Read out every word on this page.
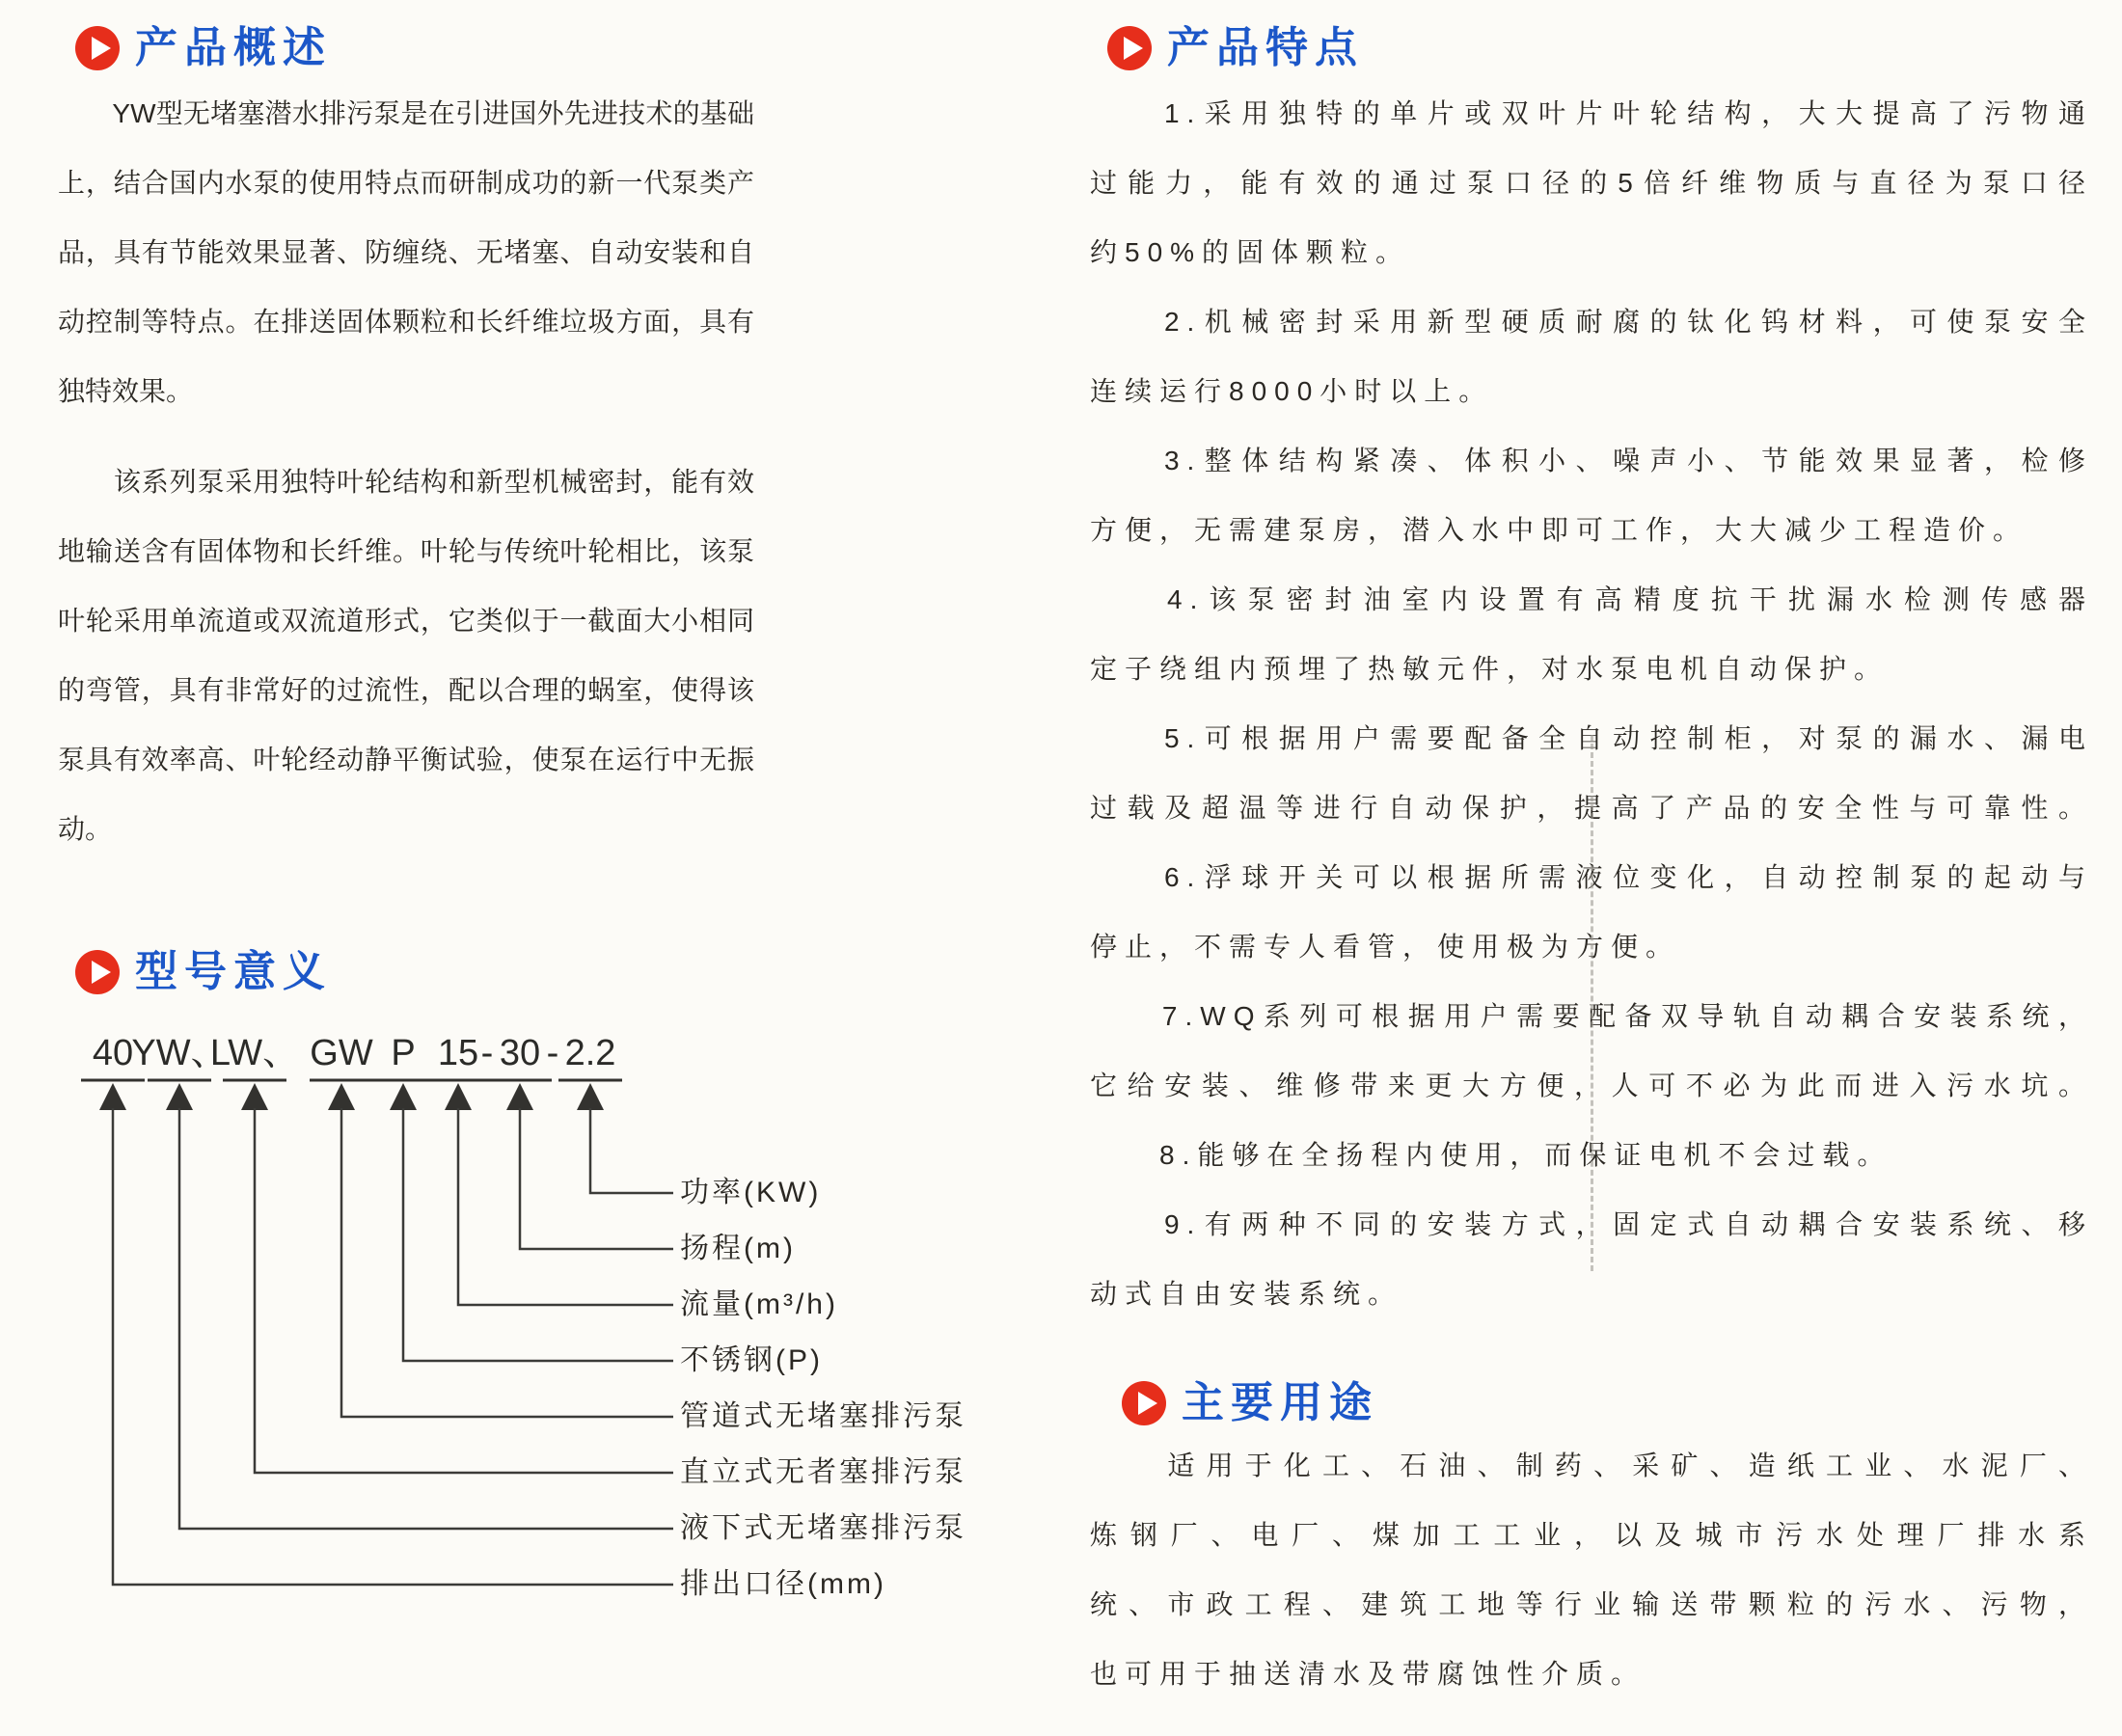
产品概述
　　YW型无堵塞潜水排污泵是在引进国外先进技术的基础
上，结合国内水泵的使用特点而研制成功的新一代泵类产
品，具有节能效果显著、防缠绕、无堵塞、自动安装和自
动控制等特点。在排送固体颗粒和长纤维垃圾方面，具有
独特效果。
　　该系列泵采用独特叶轮结构和新型机械密封，能有效
地输送含有固体物和长纤维。叶轮与传统叶轮相比，该泵
叶轮采用单流道或双流道形式，它类似于一截面大小相同
的弯管，具有非常好的过流性，配以合理的蜗室，使得该
泵具有效率高、叶轮经动静平衡试验，使泵在运行中无振
动。
型号意义
40
YW、
LW、 GW P 15 - 30 - 2.2
功率(KW)
扬程(m)
流量(m³/h)
不锈钢(P)
管道式无堵塞排污泵
直立式无者塞排污泵
液下式无堵塞排污泵
排出口径(mm)
产品特点
　　1.采用独特的单片或双叶片叶轮结构，大大提高了污物通
过能力，能有效的通过泵口径的5倍纤维物质与直径为泵口径
约50%的固体颗粒。
　　2.机械密封采用新型硬质耐腐的钛化钨材料，可使泵安全
连续运行8000小时以上。
　　3.整体结构紧凑、体积小、噪声小、节能效果显著，检修
方便，无需建泵房，潜入水中即可工作，大大减少工程造价。
　　4.该泵密封油室内设置有高精度抗干扰漏水检测传感器
定子绕组内预埋了热敏元件，对水泵电机自动保护。
　　5.可根据用户需要配备全自动控制柜，对泵的漏水、漏电
过载及超温等进行自动保护，提高了产品的安全性与可靠性。
　　6.浮球开关可以根据所需液位变化，自动控制泵的起动与
停止，不需专人看管，使用极为方便。
　　7.WQ系列可根据用户需要配备双导轨自动耦合安装系统，
它给安装、维修带来更大方便，人可不必为此而进入污水坑。
　　8.能够在全扬程内使用，而保证电机不会过载。
　　9.有两种不同的安装方式，固定式自动耦合安装系统、移
动式自由安装系统。
主要用途
　　适用于化工、石油、制药、采矿、造纸工业、水泥厂、
炼钢厂、电厂、煤加工工业，以及城市污水处理厂排水系
统、市政工程、建筑工地等行业输送带颗粒的污水、污物，
也可用于抽送清水及带腐蚀性介质。
